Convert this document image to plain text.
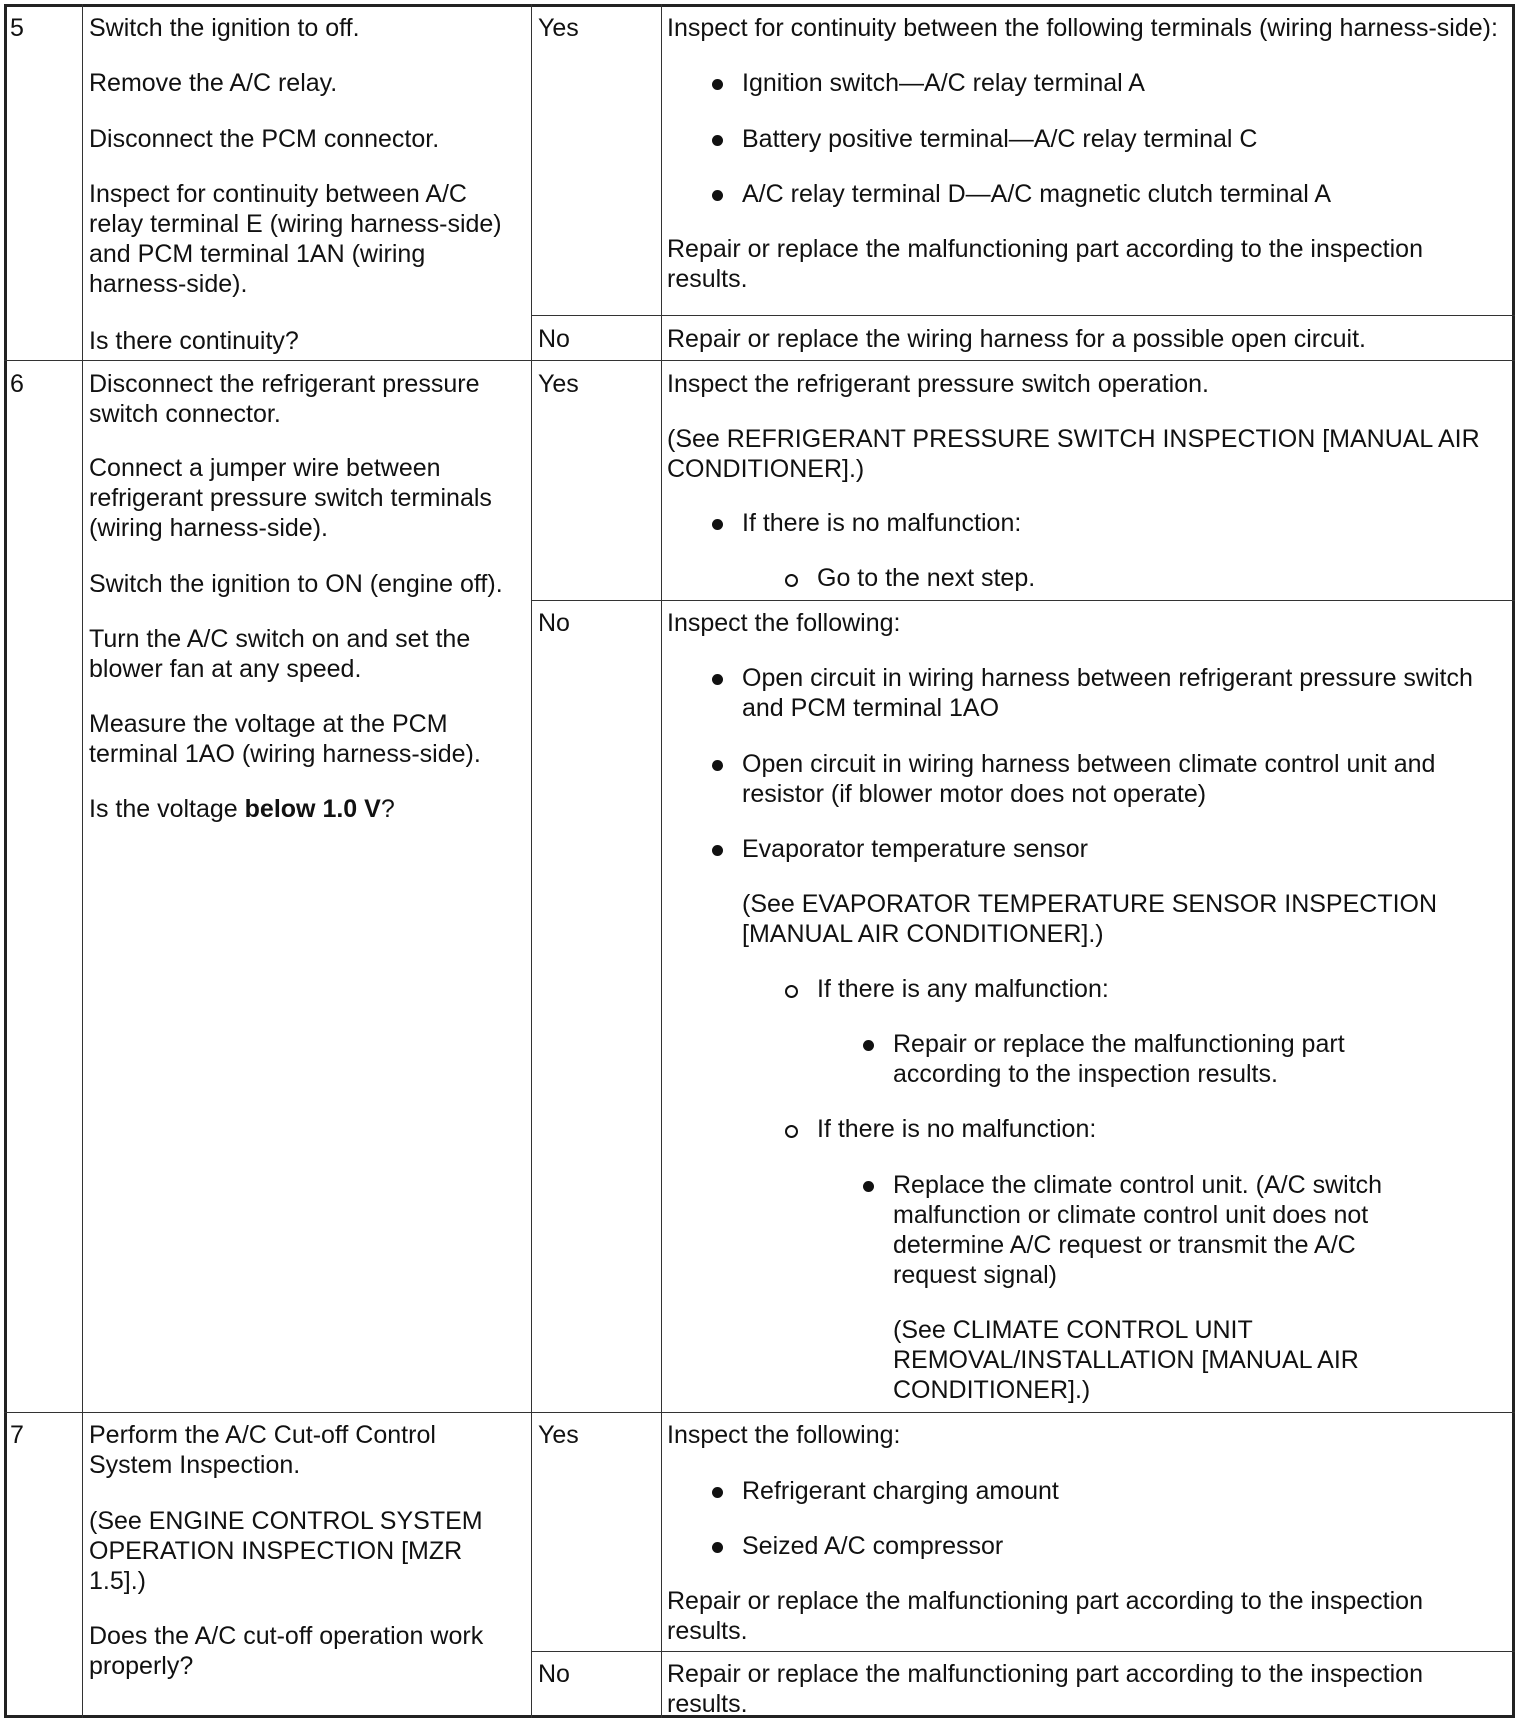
5	Switch the ignition to off.
Remove the A/C relay.
Disconnect the PCM connector.
Inspect for continuity between A/C
relay terminal E (wiring harness-side)
and PCM terminal 1AN (wiring
harness-side).
Is there continuity?
Yes	Inspect for continuity between the following terminals (wiring harness-side):
Ignition switch—A/C relay terminal A
Battery positive terminal—A/C relay terminal C
A/C relay terminal D—A/C magnetic clutch terminal A
Repair or replace the malfunctioning part according to the inspection
results.
No	Repair or replace the wiring harness for a possible open circuit.
6	Disconnect the refrigerant pressure
switch connector.
Connect a jumper wire between
refrigerant pressure switch terminals
(wiring harness-side).
Switch the ignition to ON (engine off).
Turn the A/C switch on and set the
blower fan at any speed.
Measure the voltage at the PCM
terminal 1AO (wiring harness-side).
Is the voltage below 1.0 V?
Yes	Inspect the refrigerant pressure switch operation.
(See REFRIGERANT PRESSURE SWITCH INSPECTION [MANUAL AIR
CONDITIONER].)
If there is no malfunction:
Go to the next step.
No	Inspect the following:
Open circuit in wiring harness between refrigerant pressure switch
and PCM terminal 1AO
Open circuit in wiring harness between climate control unit and
resistor (if blower motor does not operate)
Evaporator temperature sensor
(See EVAPORATOR TEMPERATURE SENSOR INSPECTION
[MANUAL AIR CONDITIONER].)
If there is any malfunction:
Repair or replace the malfunctioning part
according to the inspection results.
If there is no malfunction:
Replace the climate control unit. (A/C switch
malfunction or climate control unit does not
determine A/C request or transmit the A/C
request signal)
(See CLIMATE CONTROL UNIT
REMOVAL/INSTALLATION [MANUAL AIR
CONDITIONER].)
7	Perform the A/C Cut-off Control
System Inspection.
(See ENGINE CONTROL SYSTEM
OPERATION INSPECTION [MZR
1.5].)
Does the A/C cut-off operation work
properly?
Yes	Inspect the following:
Refrigerant charging amount
Seized A/C compressor
Repair or replace the malfunctioning part according to the inspection
results.
No	Repair or replace the malfunctioning part according to the inspection
results.
